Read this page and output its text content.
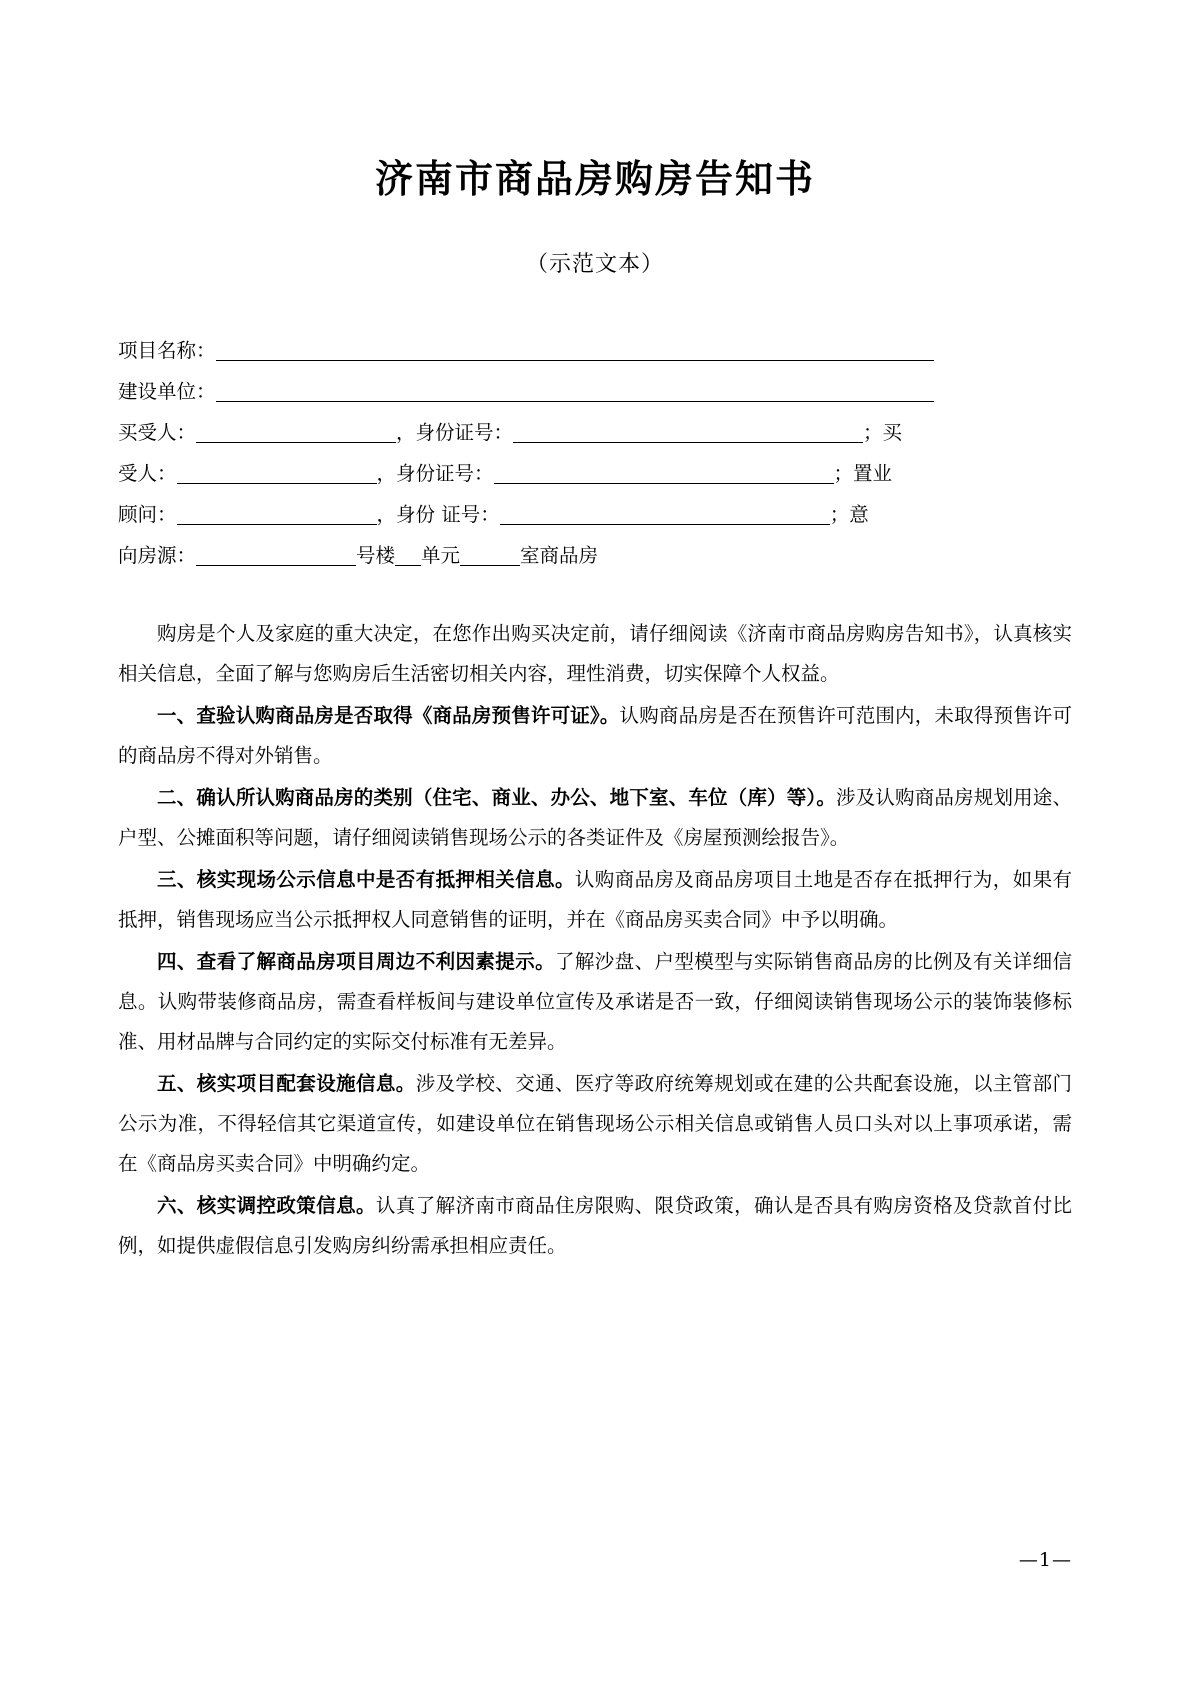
济南市商品房购房告知书
（示范文本）
项目名称：
建设单位：
买受人：	，身份证号：	；买
受人：	，身份证号：	；置业
顾问：	，身份 证号：	；意
向房源：	号楼 单元	室商品房
购房是个人及家庭的重大决定，在您作出购买决定前，请仔细阅读《济南市商品房购房告知书》，认真核实相关信息，全面了解与您购房后生活密切相关内容，理性消费，切实保障个人权益。
一、查验认购商品房是否取得《商品房预售许可证》。认购商品房是否在预售许可范围内，未取得预售许可的商品房不得对外销售。
二、确认所认购商品房的类别（住宅、商业、办公、地下室、车位（库）等）。涉及认购商品房规划用途、户型、公摊面积等问题，请仔细阅读销售现场公示的各类证件及《房屋预测绘报告》。
三、核实现场公示信息中是否有抵押相关信息。认购商品房及商品房项目土地是否存在抵押行为，如果有抵押，销售现场应当公示抵押权人同意销售的证明，并在《商品房买卖合同》中予以明确。
四、查看了解商品房项目周边不利因素提示。了解沙盘、户型模型与实际销售商品房的比例及有关详细信息。认购带装修商品房，需查看样板间与建设单位宣传及承诺是否一致，仔细阅读销售现场公示的装饰装修标准、用材品牌与合同约定的实际交付标准有无差异。
五、核实项目配套设施信息。涉及学校、交通、医疗等政府统筹规划或在建的公共配套设施，以主管部门公示为准，不得轻信其它渠道宣传，如建设单位在销售现场公示相关信息或销售人员口头对以上事项承诺，需在《商品房买卖合同》中明确约定。
六、核实调控政策信息。认真了解济南市商品住房限购、限贷政策，确认是否具有购房资格及贷款首付比例，如提供虚假信息引发购房纠纷需承担相应责任。
—1—
